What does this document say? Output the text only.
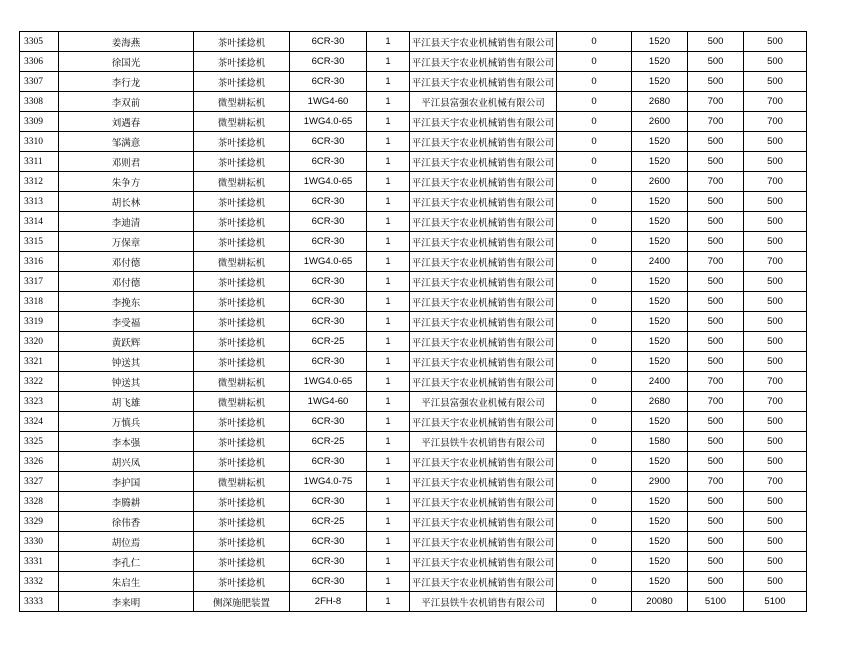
3305	姜海燕	茶叶揉捻机	6CR-30	1	平江县天宇农业机械销售有限公司	0	1520	500	500
3306	徐国光	茶叶揉捻机	6CR-30	1	平江县天宇农业机械销售有限公司	0	1520	500	500
3307	李行龙	茶叶揉捻机	6CR-30	1	平江县天宇农业机械销售有限公司	0	1520	500	500
3308	李双前	微型耕耘机	1WG4-60	1	平江县富强农业机械有限公司	0	2680	700	700
3309	刘遇春	微型耕耘机	1WG4.0-65	1	平江县天宇农业机械销售有限公司	0	2600	700	700
3310	邹满意	茶叶揉捻机	6CR-30	1	平江县天宇农业机械销售有限公司	0	1520	500	500
3311	邓则君	茶叶揉捻机	6CR-30	1	平江县天宇农业机械销售有限公司	0	1520	500	500
3312	朱争方	微型耕耘机	1WG4.0-65	1	平江县天宇农业机械销售有限公司	0	2600	700	700
3313	胡长林	茶叶揉捻机	6CR-30	1	平江县天宇农业机械销售有限公司	0	1520	500	500
3314	李迪清	茶叶揉捻机	6CR-30	1	平江县天宇农业机械销售有限公司	0	1520	500	500
3315	万保章	茶叶揉捻机	6CR-30	1	平江县天宇农业机械销售有限公司	0	1520	500	500
3316	邓付德	微型耕耘机	1WG4.0-65	1	平江县天宇农业机械销售有限公司	0	2400	700	700
3317	邓付德	茶叶揉捻机	6CR-30	1	平江县天宇农业机械销售有限公司	0	1520	500	500
3318	李挽东	茶叶揉捻机	6CR-30	1	平江县天宇农业机械销售有限公司	0	1520	500	500
3319	李受福	茶叶揉捻机	6CR-30	1	平江县天宇农业机械销售有限公司	0	1520	500	500
3320	黄跃辉	茶叶揉捻机	6CR-25	1	平江县天宇农业机械销售有限公司	0	1520	500	500
3321	钟送其	茶叶揉捻机	6CR-30	1	平江县天宇农业机械销售有限公司	0	1520	500	500
3322	钟送其	微型耕耘机	1WG4.0-65	1	平江县天宇农业机械销售有限公司	0	2400	700	700
3323	胡飞雄	微型耕耘机	1WG4-60	1	平江县富强农业机械有限公司	0	2680	700	700
3324	万慎兵	茶叶揉捻机	6CR-30	1	平江县天宇农业机械销售有限公司	0	1520	500	500
3325	李本强	茶叶揉捻机	6CR-25	1	平江县铁牛农机销售有限公司	0	1580	500	500
3326	胡兴凤	茶叶揉捻机	6CR-30	1	平江县天宇农业机械销售有限公司	0	1520	500	500
3327	李护国	微型耕耘机	1WG4.0-75	1	平江县天宇农业机械销售有限公司	0	2900	700	700
3328	李腾耕	茶叶揉捻机	6CR-30	1	平江县天宇农业机械销售有限公司	0	1520	500	500
3329	徐伟香	茶叶揉捻机	6CR-25	1	平江县天宇农业机械销售有限公司	0	1520	500	500
3330	胡位焉	茶叶揉捻机	6CR-30	1	平江县天宇农业机械销售有限公司	0	1520	500	500
3331	李孔仁	茶叶揉捻机	6CR-30	1	平江县天宇农业机械销售有限公司	0	1520	500	500
3332	朱启生	茶叶揉捻机	6CR-30	1	平江县天宇农业机械销售有限公司	0	1520	500	500
3333	李来明	侧深施肥装置	2FH-8	1	平江县铁牛农机销售有限公司	0	20080	5100	5100
